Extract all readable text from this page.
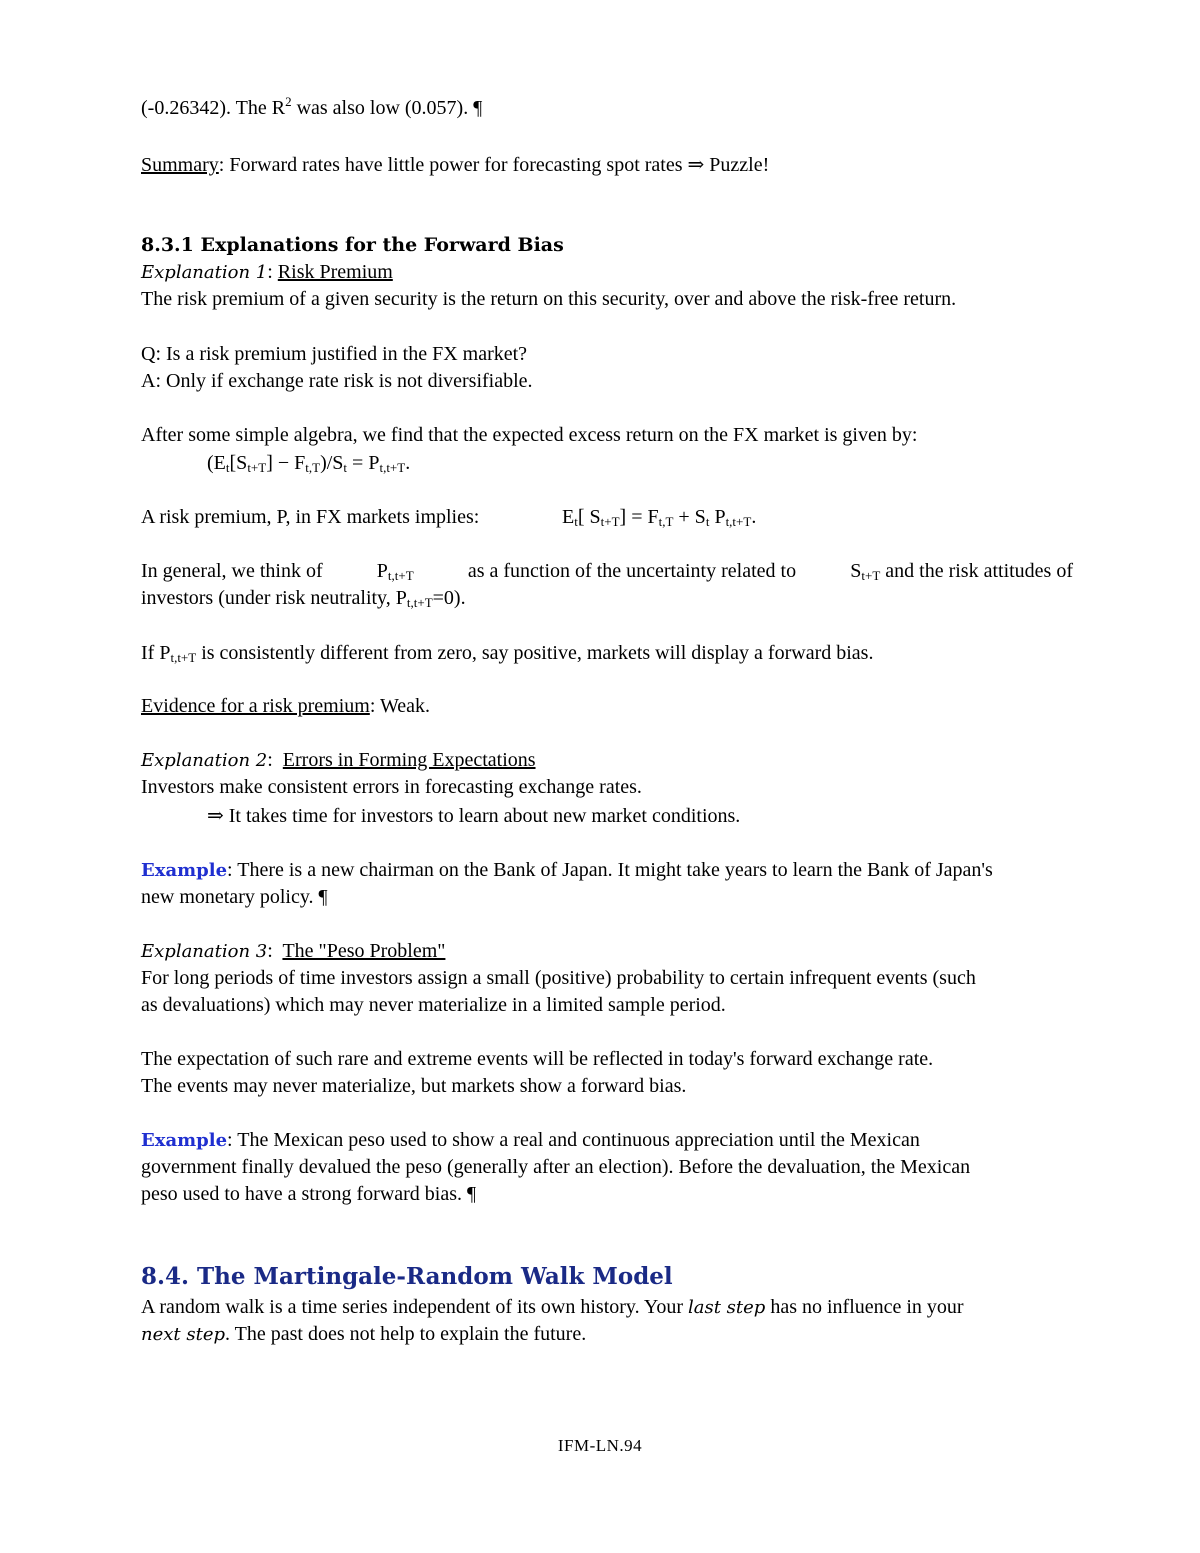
(-0.26342). The $R^2$ was also low (0.057). ¶
Summary: Forward rates have little power for forecasting spot rates ⇒ Puzzle!
8.3.1 Explanations for the Forward Bias
Explanation 1: Risk Premium
The risk premium of a given security is the return on this security, over and above the risk-free return.
Q: Is a risk premium justified in the FX market?
A: Only if exchange rate risk is not diversifiable.
After some simple algebra, we find that the expected excess return on the FX market is given by:
$(E_t[S_{t+T}] - F_{t,T})/S_t = P_{t,t+T}$.
A risk premium, P, in FX markets implies:	$E_t$[ $S_{t+T}] = F_{t,T} + S_t$ $P_{t,t+T}$.
In general, we think of	$P_{t,t+T}$	as a function of the uncertainty related to	$S_{t+T}$ and the risk attitudes of
investors (under risk neutrality, $P_{t,t+T}=0$).
If $P_{t,t+T}$ is consistently different from zero, say positive, markets will display a forward bias.
Evidence for a risk premium: Weak.
Explanation 2:  Errors in Forming Expectations
Investors make consistent errors in forecasting exchange rates.
⇒ It takes time for investors to learn about new market conditions.
Example: There is a new chairman on the Bank of Japan. It might take years to learn the Bank of Japan's
new monetary policy. ¶
Explanation 3:  The "Peso Problem"
For long periods of time investors assign a small (positive) probability to certain infrequent events (such
as devaluations) which may never materialize in a limited sample period.
The expectation of such rare and extreme events will be reflected in today's forward exchange rate.
The events may never materialize, but markets show a forward bias.
Example: The Mexican peso used to show a real and continuous appreciation until the Mexican
government finally devalued the peso (generally after an election). Before the devaluation, the Mexican
peso used to have a strong forward bias. ¶
8.4. The Martingale-Random Walk Model
A random walk is a time series independent of its own history. Your last step has no influence in your
next step. The past does not help to explain the future.
IFM-LN.94
